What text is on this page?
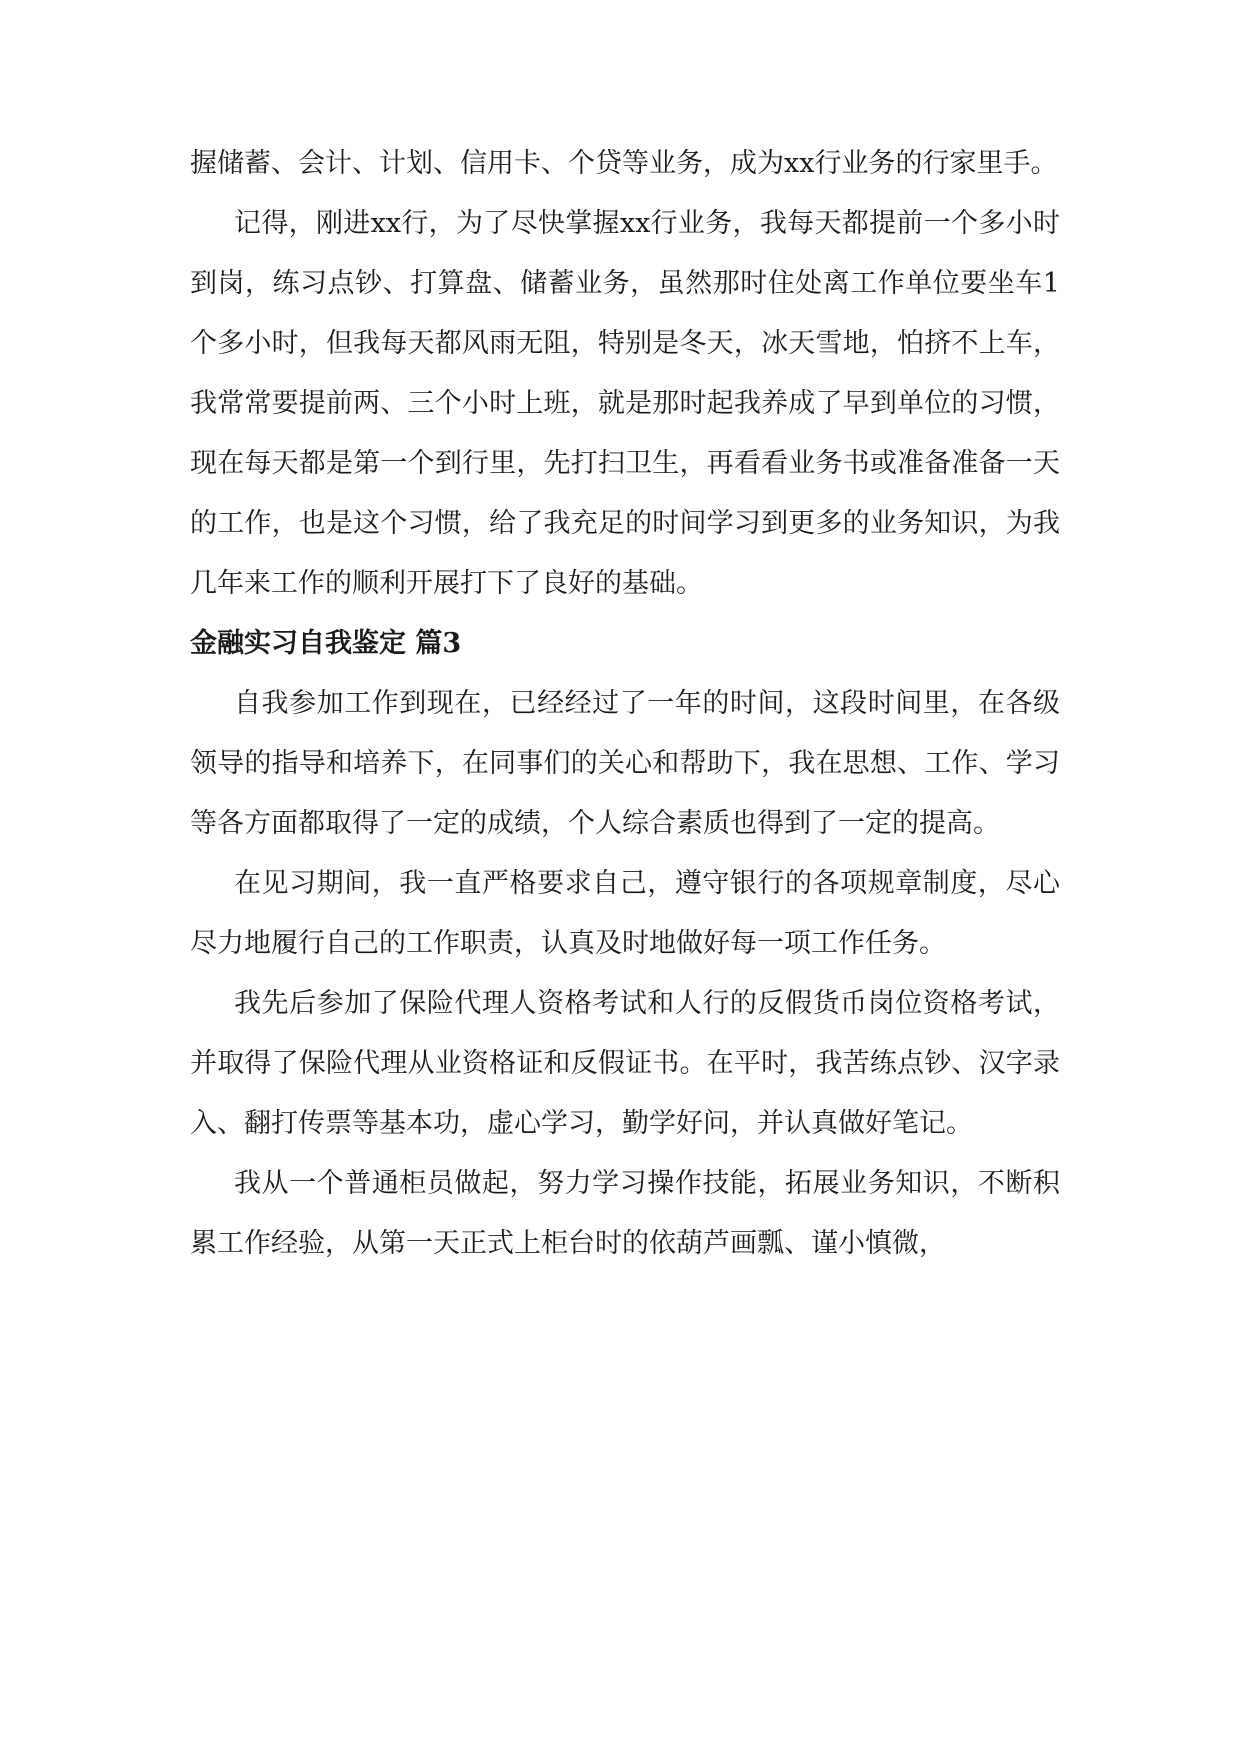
握储蓄、会计、计划、信用卡、个贷等业务，成为xx行业务的行家里手。

记得，刚进xx行，为了尽快掌握xx行业务，我每天都提前一个多小时到岗，练习点钞、打算盘、储蓄业务，虽然那时住处离工作单位要坐车1个多小时，但我每天都风雨无阻，特别是冬天，冰天雪地，怕挤不上车，我常常要提前两、三个小时上班，就是那时起我养成了早到单位的习惯，现在每天都是第一个到行里，先打扫卫生，再看看业务书或准备准备一天的工作，也是这个习惯，给了我充足的时间学习到更多的业务知识，为我几年来工作的顺利开展打下了良好的基础。

金融实习自我鉴定 篇3

自我参加工作到现在，已经经过了一年的时间，这段时间里，在各级领导的指导和培养下，在同事们的关心和帮助下，我在思想、工作、学习等各方面都取得了一定的成绩，个人综合素质也得到了一定的提高。

在见习期间，我一直严格要求自己，遵守银行的各项规章制度，尽心尽力地履行自己的工作职责，认真及时地做好每一项工作任务。

我先后参加了保险代理人资格考试和人行的反假货币岗位资格考试，并取得了保险代理从业资格证和反假证书。在平时，我苦练点钞、汉字录入、翻打传票等基本功，虚心学习，勤学好问，并认真做好笔记。

我从一个普通柜员做起，努力学习操作技能，拓展业务知识，不断积累工作经验，从第一天正式上柜台时的依葫芦画瓢、谨小慎微，
